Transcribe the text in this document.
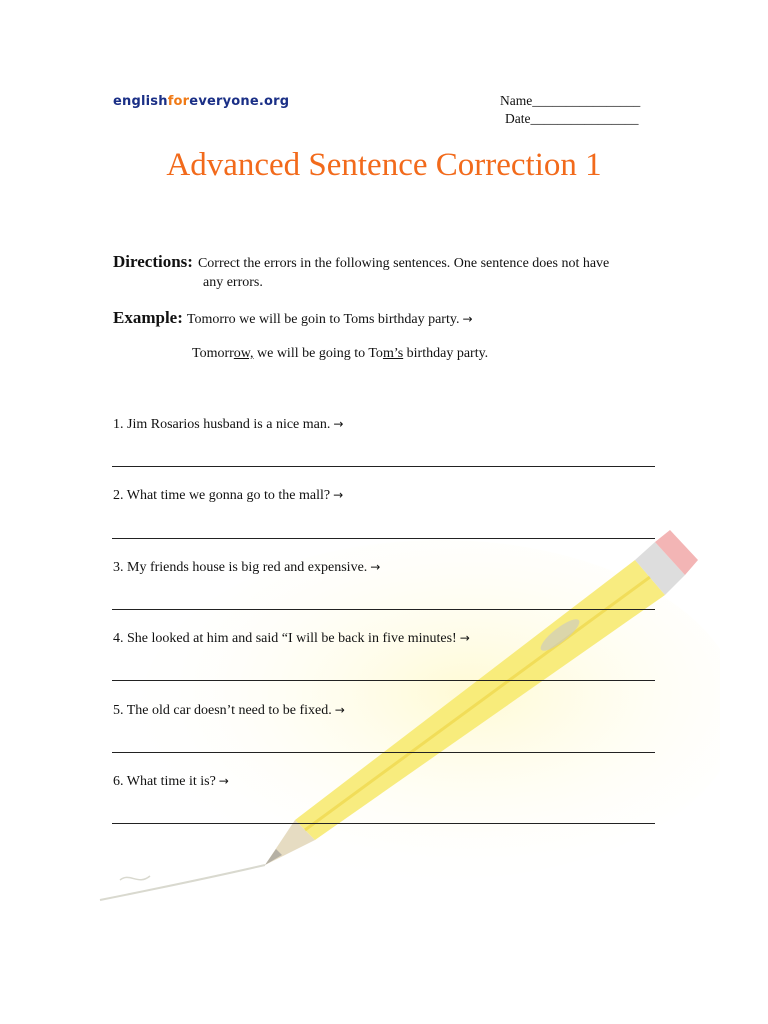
englishforeveryone.org	Name________________
Date________________
Advanced Sentence Correction 1
Directions: Correct the errors in the following sentences. One sentence does not have
any errors.
Example: Tomorro we will be goin to Toms birthday party. →
Tomorrow, we will be going to Tom’s birthday party.
1. Jim Rosarios husband is a nice man. →
2. What time we gonna go to the mall? →
3. My friends house is big red and expensive. →
4. She looked at him and said “I will be back in five minutes! →
5. The old car doesn’t need to be fixed. →
6. What time it is? →
